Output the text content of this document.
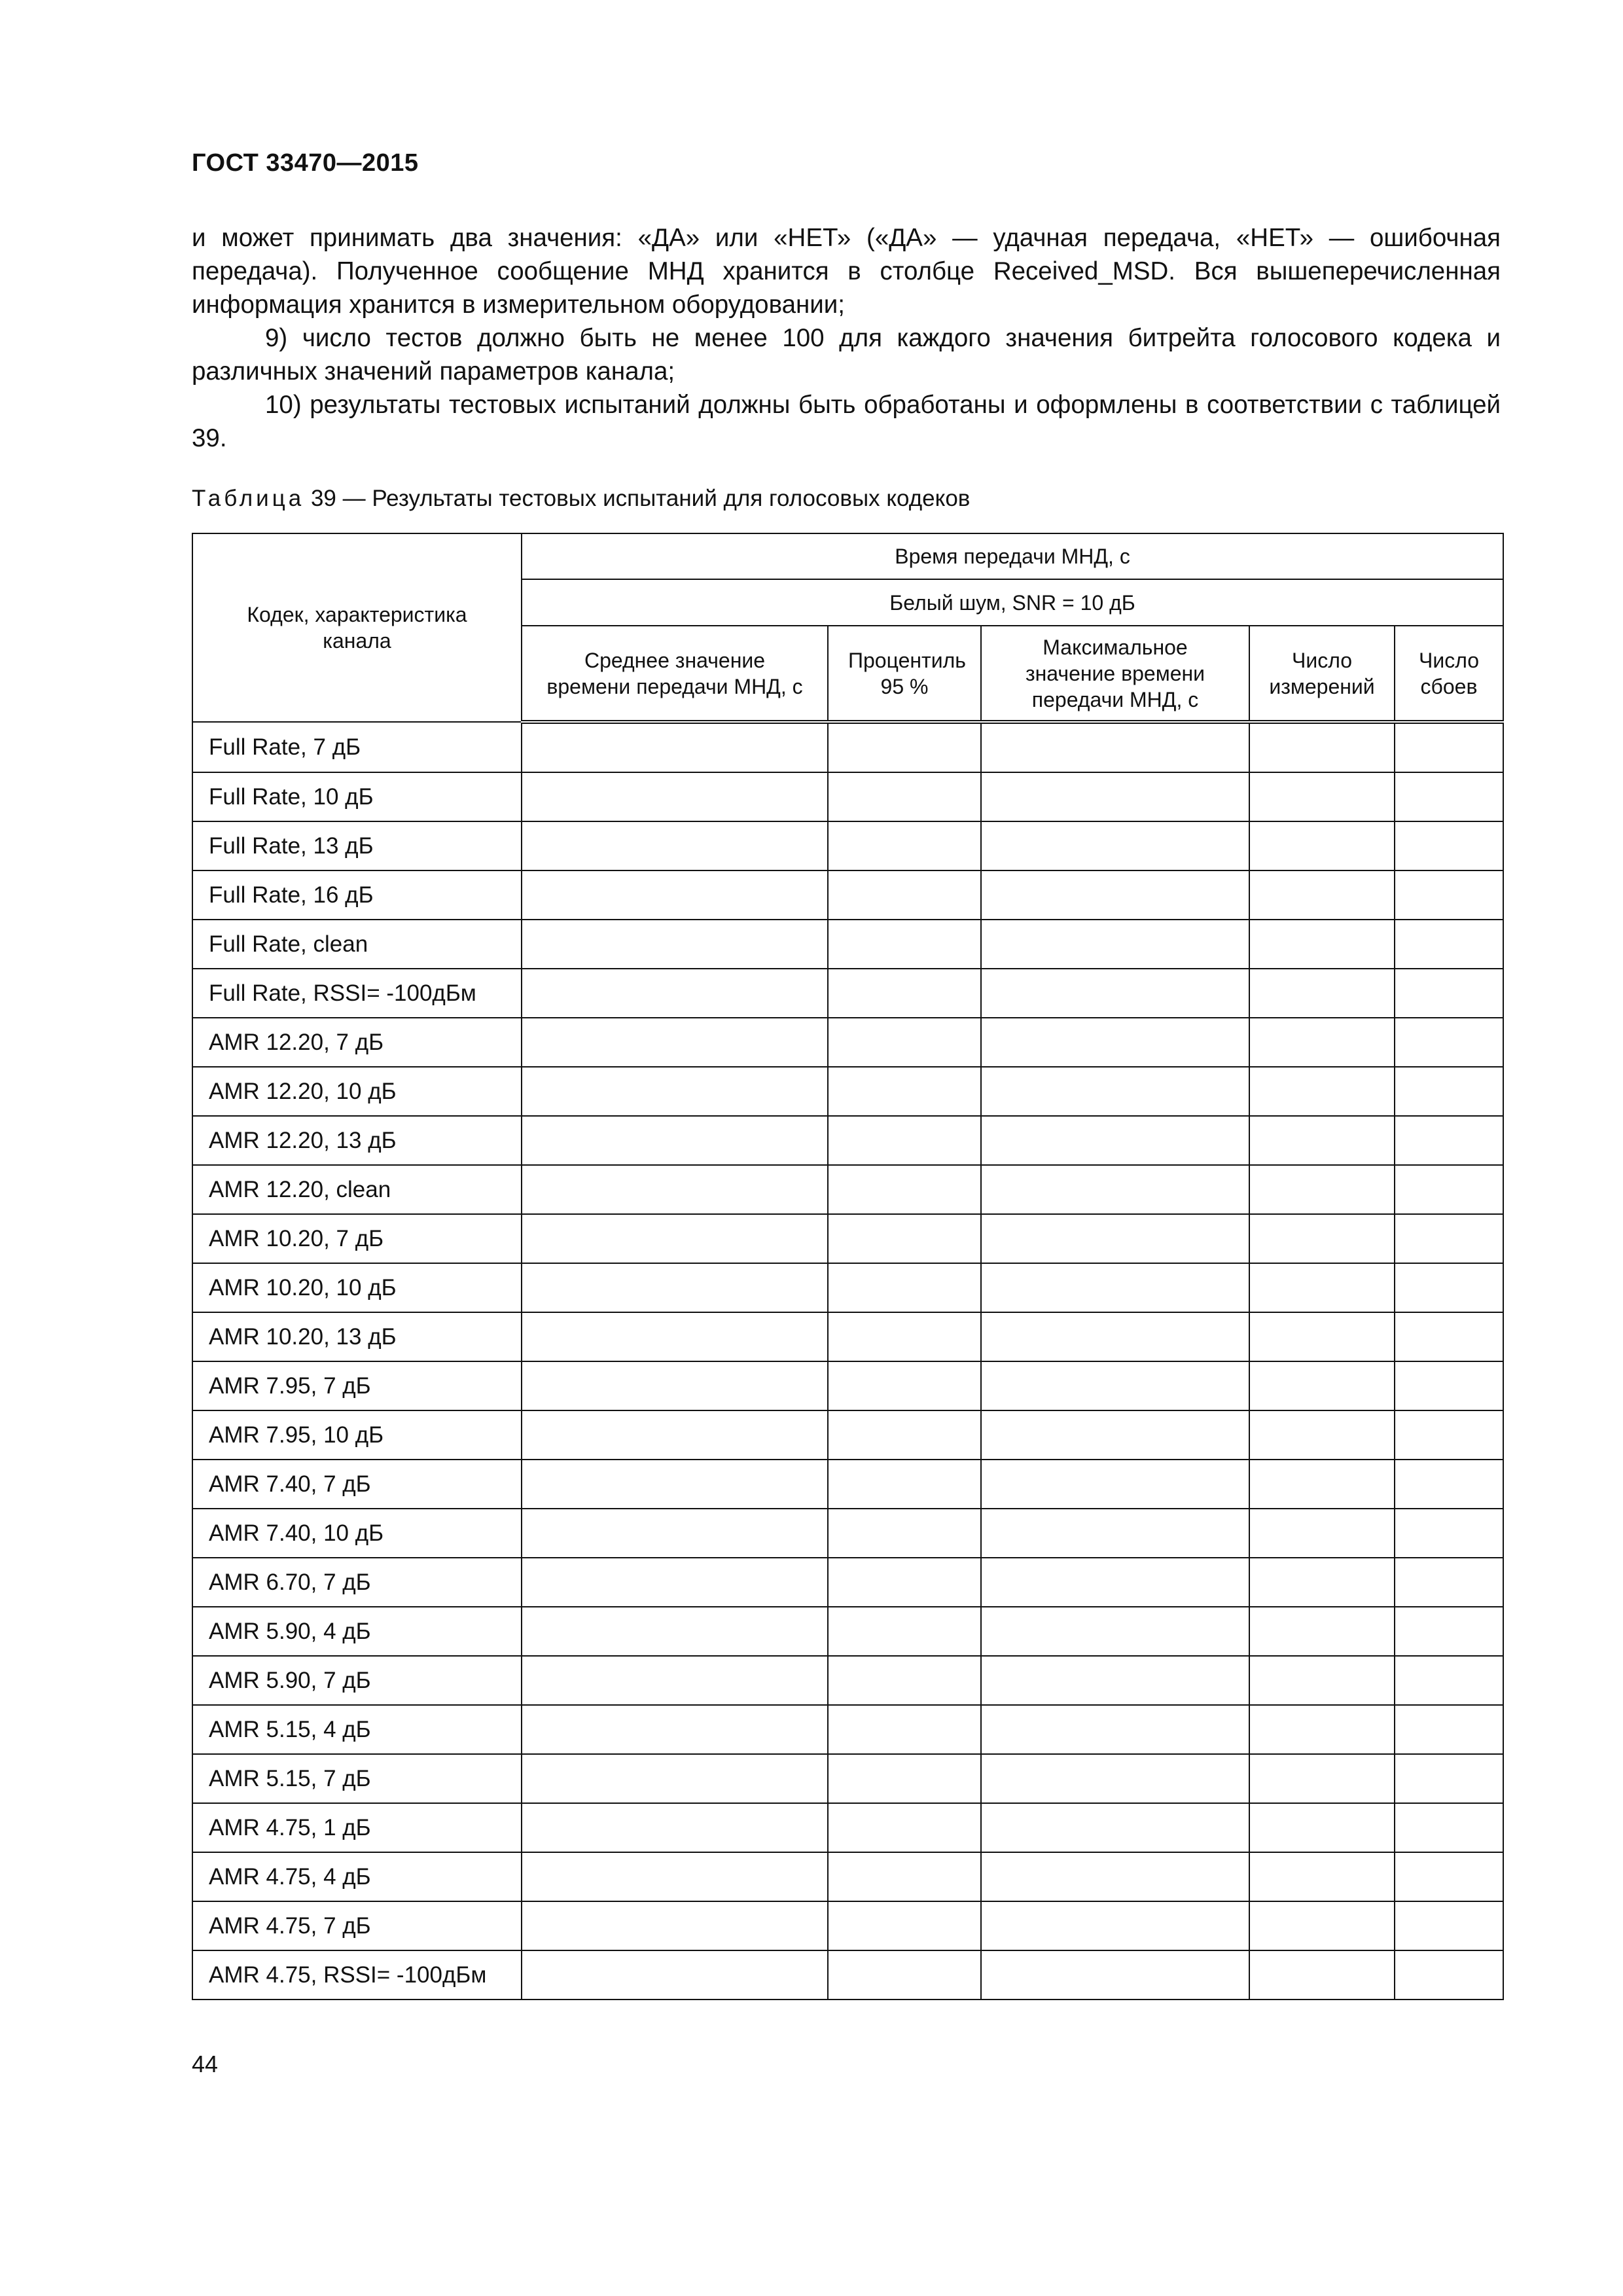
ГОСТ 33470—2015

и может принимать два значения: «ДА» или «НЕТ» («ДА» — удачная передача, «НЕТ» — ошибочная передача). Полученное сообщение МНД хранится в столбце Received_MSD. Вся вышеперечисленная информация хранится в измерительном оборудовании;

9) число тестов должно быть не менее 100 для каждого значения битрейта голосового кодека и различных значений параметров канала;

10) результаты тестовых испытаний должны быть обработаны и оформлены в соответствии с таблицей 39.

Таблица 39 — Результаты тестовых испытаний для голосовых кодеков
Кодек, характеристика канала	Время передачи МНД, с				
	Белый шум, SNR = 10 дБ				
	Среднее значение времени передачи МНД, с	Процентиль 95 %	Максимальное значение времени передачи МНД, с	Число измерений	Число сбоев
Full Rate, 7 дБ					
Full Rate, 10 дБ					
Full Rate, 13 дБ					
Full Rate, 16 дБ					
Full Rate, clean					
Full Rate, RSSI= -100дБм					
AMR 12.20, 7 дБ					
AMR 12.20, 10 дБ					
AMR 12.20, 13 дБ					
AMR 12.20, clean					
AMR 10.20, 7 дБ					
AMR 10.20, 10 дБ					
AMR 10.20, 13 дБ					
AMR 7.95, 7 дБ					
AMR 7.95, 10 дБ					
AMR 7.40, 7 дБ					
AMR 7.40, 10 дБ					
AMR 6.70, 7 дБ					
AMR 5.90, 4 дБ					
AMR 5.90, 7 дБ					
AMR 5.15, 4 дБ					
AMR 5.15, 7 дБ					
AMR 4.75, 1 дБ					
AMR 4.75, 4 дБ					
AMR 4.75, 7 дБ					
AMR 4.75, RSSI= -100дБм					
44
